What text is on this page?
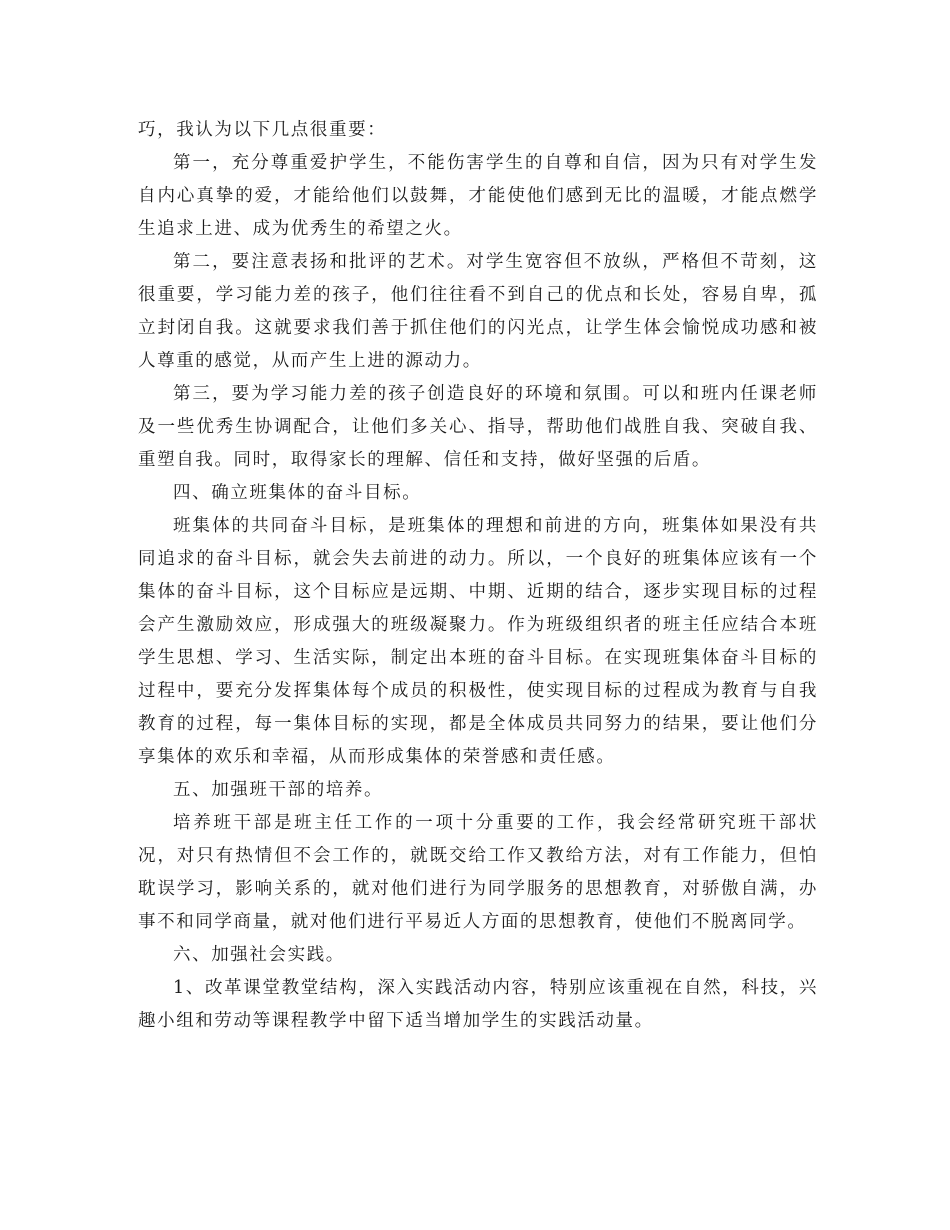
巧，我认为以下几点很重要：

第一，充分尊重爱护学生，不能伤害学生的自尊和自信，因为只有对学生发自内心真挚的爱，才能给他们以鼓舞，才能使他们感到无比的温暖，才能点燃学生追求上进、成为优秀生的希望之火。

第二，要注意表扬和批评的艺术。对学生宽容但不放纵，严格但不苛刻，这很重要，学习能力差的孩子，他们往往看不到自己的优点和长处，容易自卑，孤立封闭自我。这就要求我们善于抓住他们的闪光点，让学生体会愉悦成功感和被人尊重的感觉，从而产生上进的源动力。

第三，要为学习能力差的孩子创造良好的环境和氛围。可以和班内任课老师及一些优秀生协调配合，让他们多关心、指导，帮助他们战胜自我、突破自我、重塑自我。同时，取得家长的理解、信任和支持，做好坚强的后盾。

四、确立班集体的奋斗目标。

班集体的共同奋斗目标，是班集体的理想和前进的方向，班集体如果没有共同追求的奋斗目标，就会失去前进的动力。所以，一个良好的班集体应该有一个集体的奋斗目标，这个目标应是远期、中期、近期的结合，逐步实现目标的过程会产生激励效应，形成强大的班级凝聚力。作为班级组织者的班主任应结合本班学生思想、学习、生活实际，制定出本班的奋斗目标。在实现班集体奋斗目标的过程中，要充分发挥集体每个成员的积极性，使实现目标的过程成为教育与自我教育的过程，每一集体目标的实现，都是全体成员共同努力的结果，要让他们分享集体的欢乐和幸福，从而形成集体的荣誉感和责任感。

五、加强班干部的培养。

培养班干部是班主任工作的一项十分重要的工作，我会经常研究班干部状况，对只有热情但不会工作的，就既交给工作又教给方法，对有工作能力，但怕耽误学习，影响关系的，就对他们进行为同学服务的思想教育，对骄傲自满，办事不和同学商量，就对他们进行平易近人方面的思想教育，使他们不脱离同学。

六、加强社会实践。

1、改革课堂教堂结构，深入实践活动内容，特别应该重视在自然，科技，兴趣小组和劳动等课程教学中留下适当增加学生的实践活动量。
